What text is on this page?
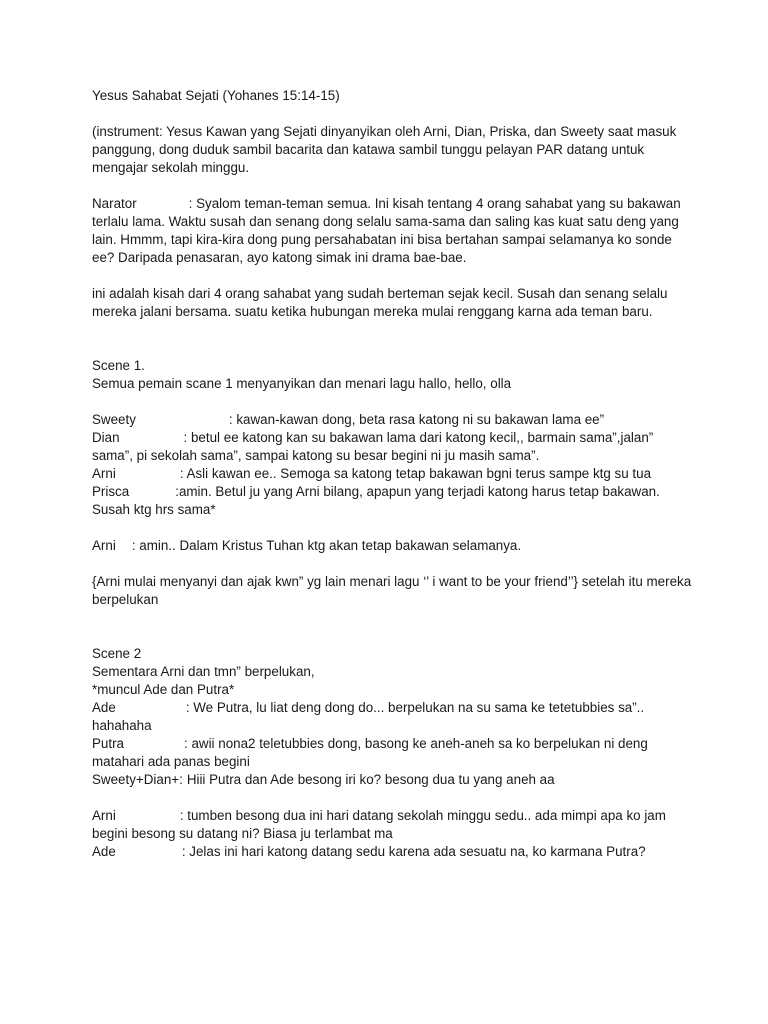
Yesus Sahabat Sejati (Yohanes 15:14-15)

(instrument: Yesus Kawan yang Sejati dinyanyikan oleh Arni, Dian, Priska, dan Sweety saat masuk panggung, dong duduk sambil bacarita dan katawa sambil tunggu pelayan PAR datang untuk mengajar sekolah minggu.

Narator	: Syalom teman-teman semua. Ini kisah tentang 4 orang sahabat yang su bakawan terlalu lama. Waktu susah dan senang dong selalu sama-sama dan saling kas kuat satu deng yang lain. Hmmm, tapi kira-kira dong pung persahabatan ini bisa bertahan sampai selamanya ko sonde ee? Daripada penasaran, ayo katong simak ini drama bae-bae.

ini adalah kisah dari 4 orang sahabat yang sudah berteman sejak kecil. Susah dan senang selalu mereka jalani bersama. suatu ketika hubungan mereka mulai renggang karna ada teman baru.

Scene 1.

Semua pemain scane 1 menyanyikan dan menari lagu hallo, hello, olla

Sweety	: kawan-kawan dong, beta rasa katong ni su bakawan lama ee”

Dian	: betul ee katong kan su bakawan lama dari katong kecil,, barmain sama”,jalan” sama”, pi sekolah sama”, sampai katong su besar begini ni ju masih sama”.

Arni	: Asli kawan ee.. Semoga sa katong tetap bakawan bgni terus sampe ktg su tua

Prisca	:amin. Betul ju yang Arni bilang, apapun yang terjadi katong harus tetap bakawan. Susah ktg hrs sama*

Arni : amin.. Dalam Kristus Tuhan ktg akan tetap bakawan selamanya.

{Arni mulai menyanyi dan ajak kwn” yg lain menari lagu ‘’ i want to be your friend’’} setelah itu mereka berpelukan

Scene 2

Sementara Arni dan tmn” berpelukan,

*muncul Ade dan Putra*

Ade	: We Putra, lu liat deng dong do... berpelukan na su sama ke tetetubbies sa”.. hahahaha

Putra	: awii nona2 teletubbies dong, basong ke aneh-aneh sa ko berpelukan ni deng matahari ada panas begini

Sweety+Dian+: Hiii Putra dan Ade besong iri ko? besong dua tu yang aneh aa

Arni	: tumben besong dua ini hari datang sekolah minggu sedu.. ada mimpi apa ko jam begini besong su datang ni? Biasa ju terlambat ma

Ade	: Jelas ini hari katong datang sedu karena ada sesuatu na, ko karmana Putra?
